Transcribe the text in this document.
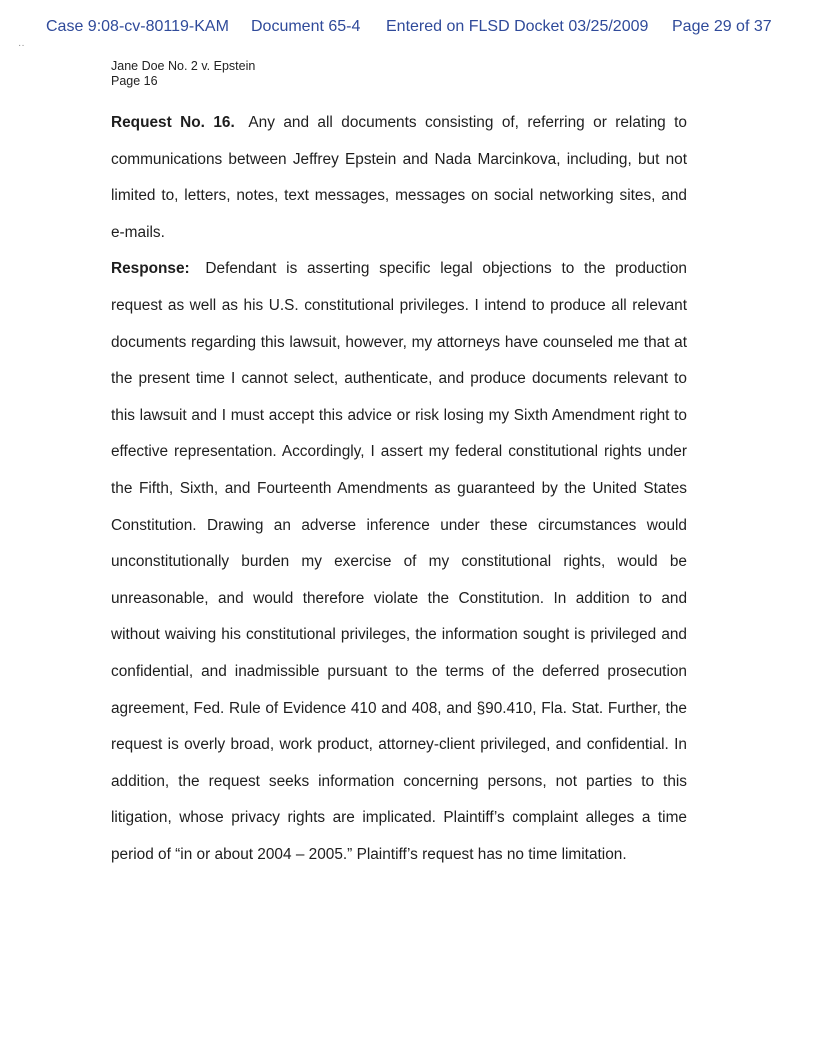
Case 9:08-cv-80119-KAM Document 65-4 Entered on FLSD Docket 03/25/2009 Page 29 of 37
··
Jane Doe No. 2 v. Epstein
Page 16

Request No. 16. Any and all documents consisting of, referring or relating to communications between Jeffrey Epstein and Nada Marcinkova, including, but not limited to, letters, notes, text messages, messages on social networking sites, and e-mails.

Response: Defendant is asserting specific legal objections to the production request as well as his U.S. constitutional privileges. I intend to produce all relevant documents regarding this lawsuit, however, my attorneys have counseled me that at the present time I cannot select, authenticate, and produce documents relevant to this lawsuit and I must accept this advice or risk losing my Sixth Amendment right to effective representation. Accordingly, I assert my federal constitutional rights under the Fifth, Sixth, and Fourteenth Amendments as guaranteed by the United States Constitution. Drawing an adverse inference under these circumstances would unconstitutionally burden my exercise of my constitutional rights, would be unreasonable, and would therefore violate the Constitution. In addition to and without waiving his constitutional privileges, the information sought is privileged and confidential, and inadmissible pursuant to the terms of the deferred prosecution agreement, Fed. Rule of Evidence 410 and 408, and §90.410, Fla. Stat. Further, the request is overly broad, work product, attorney-client privileged, and confidential. In addition, the request seeks information concerning persons, not parties to this litigation, whose privacy rights are implicated. Plaintiff’s complaint alleges a time period of “in or about 2004 – 2005.” Plaintiff’s request has no time limitation.
